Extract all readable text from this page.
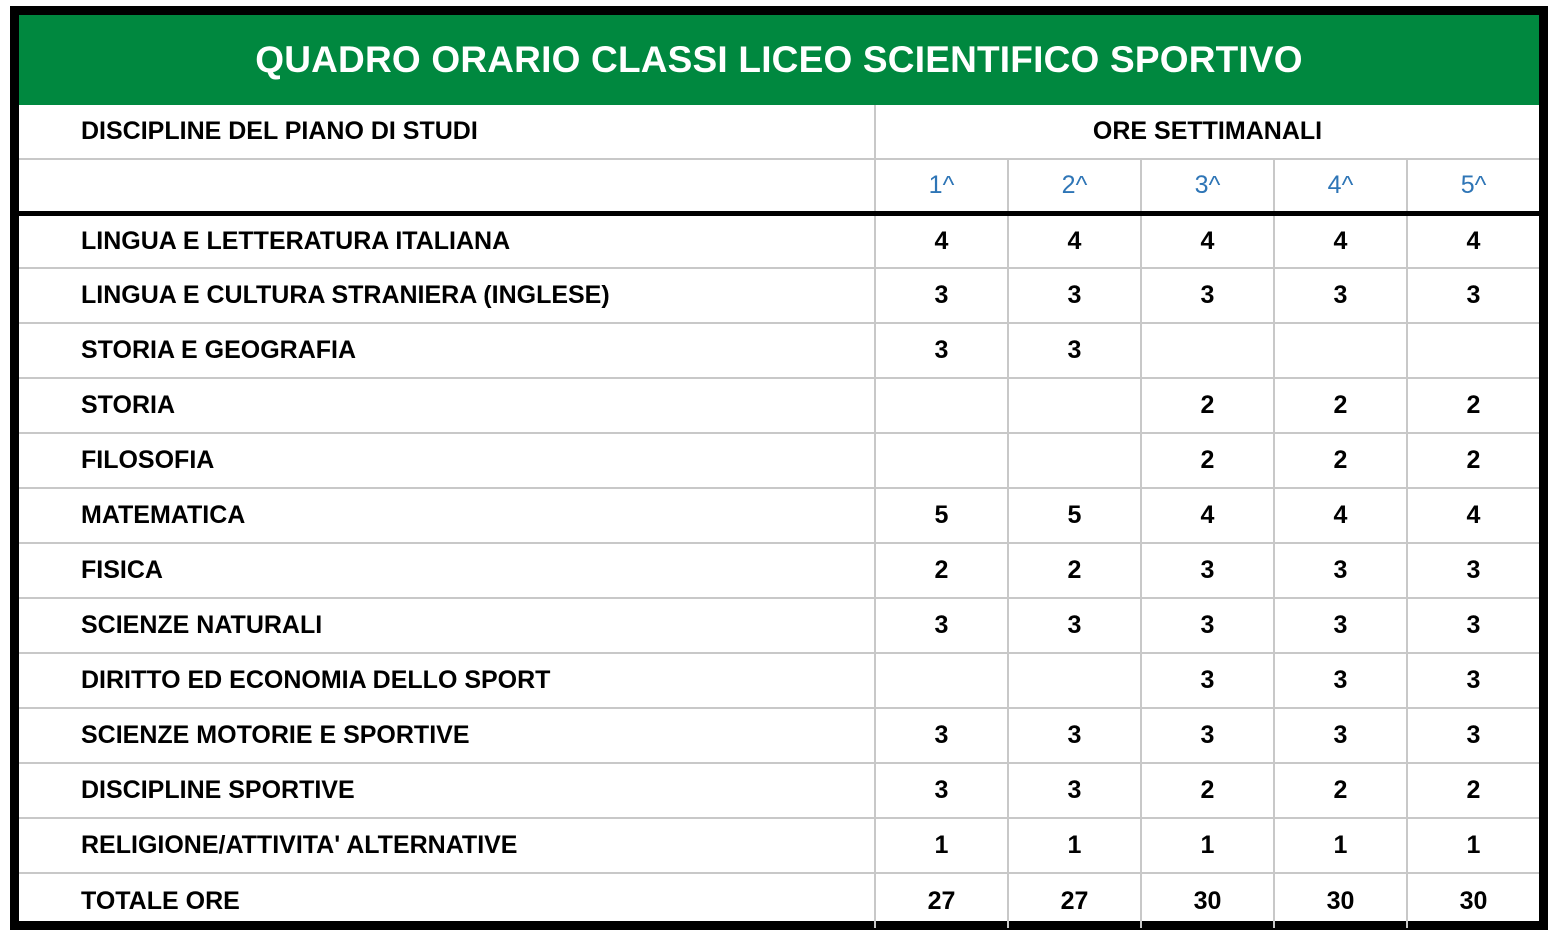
QUADRO ORARIO CLASSI LICEO SCIENTIFICO SPORTIVO
DISCIPLINE DEL PIANO DI STUDI	ORE SETTIMANALI				
	1^	2^	3^	4^	5^
LINGUA E LETTERATURA ITALIANA	4	4	4	4	4
LINGUA E CULTURA STRANIERA (INGLESE)	3	3	3	3	3
STORIA E GEOGRAFIA	3	3			
STORIA			2	2	2
FILOSOFIA			2	2	2
MATEMATICA	5	5	4	4	4
FISICA	2	2	3	3	3
SCIENZE NATURALI	3	3	3	3	3
DIRITTO ED ECONOMIA DELLO SPORT			3	3	3
SCIENZE MOTORIE E SPORTIVE	3	3	3	3	3
DISCIPLINE SPORTIVE	3	3	2	2	2
RELIGIONE/ATTIVITA' ALTERNATIVE	1	1	1	1	1
TOTALE ORE	27	27	30	30	30
